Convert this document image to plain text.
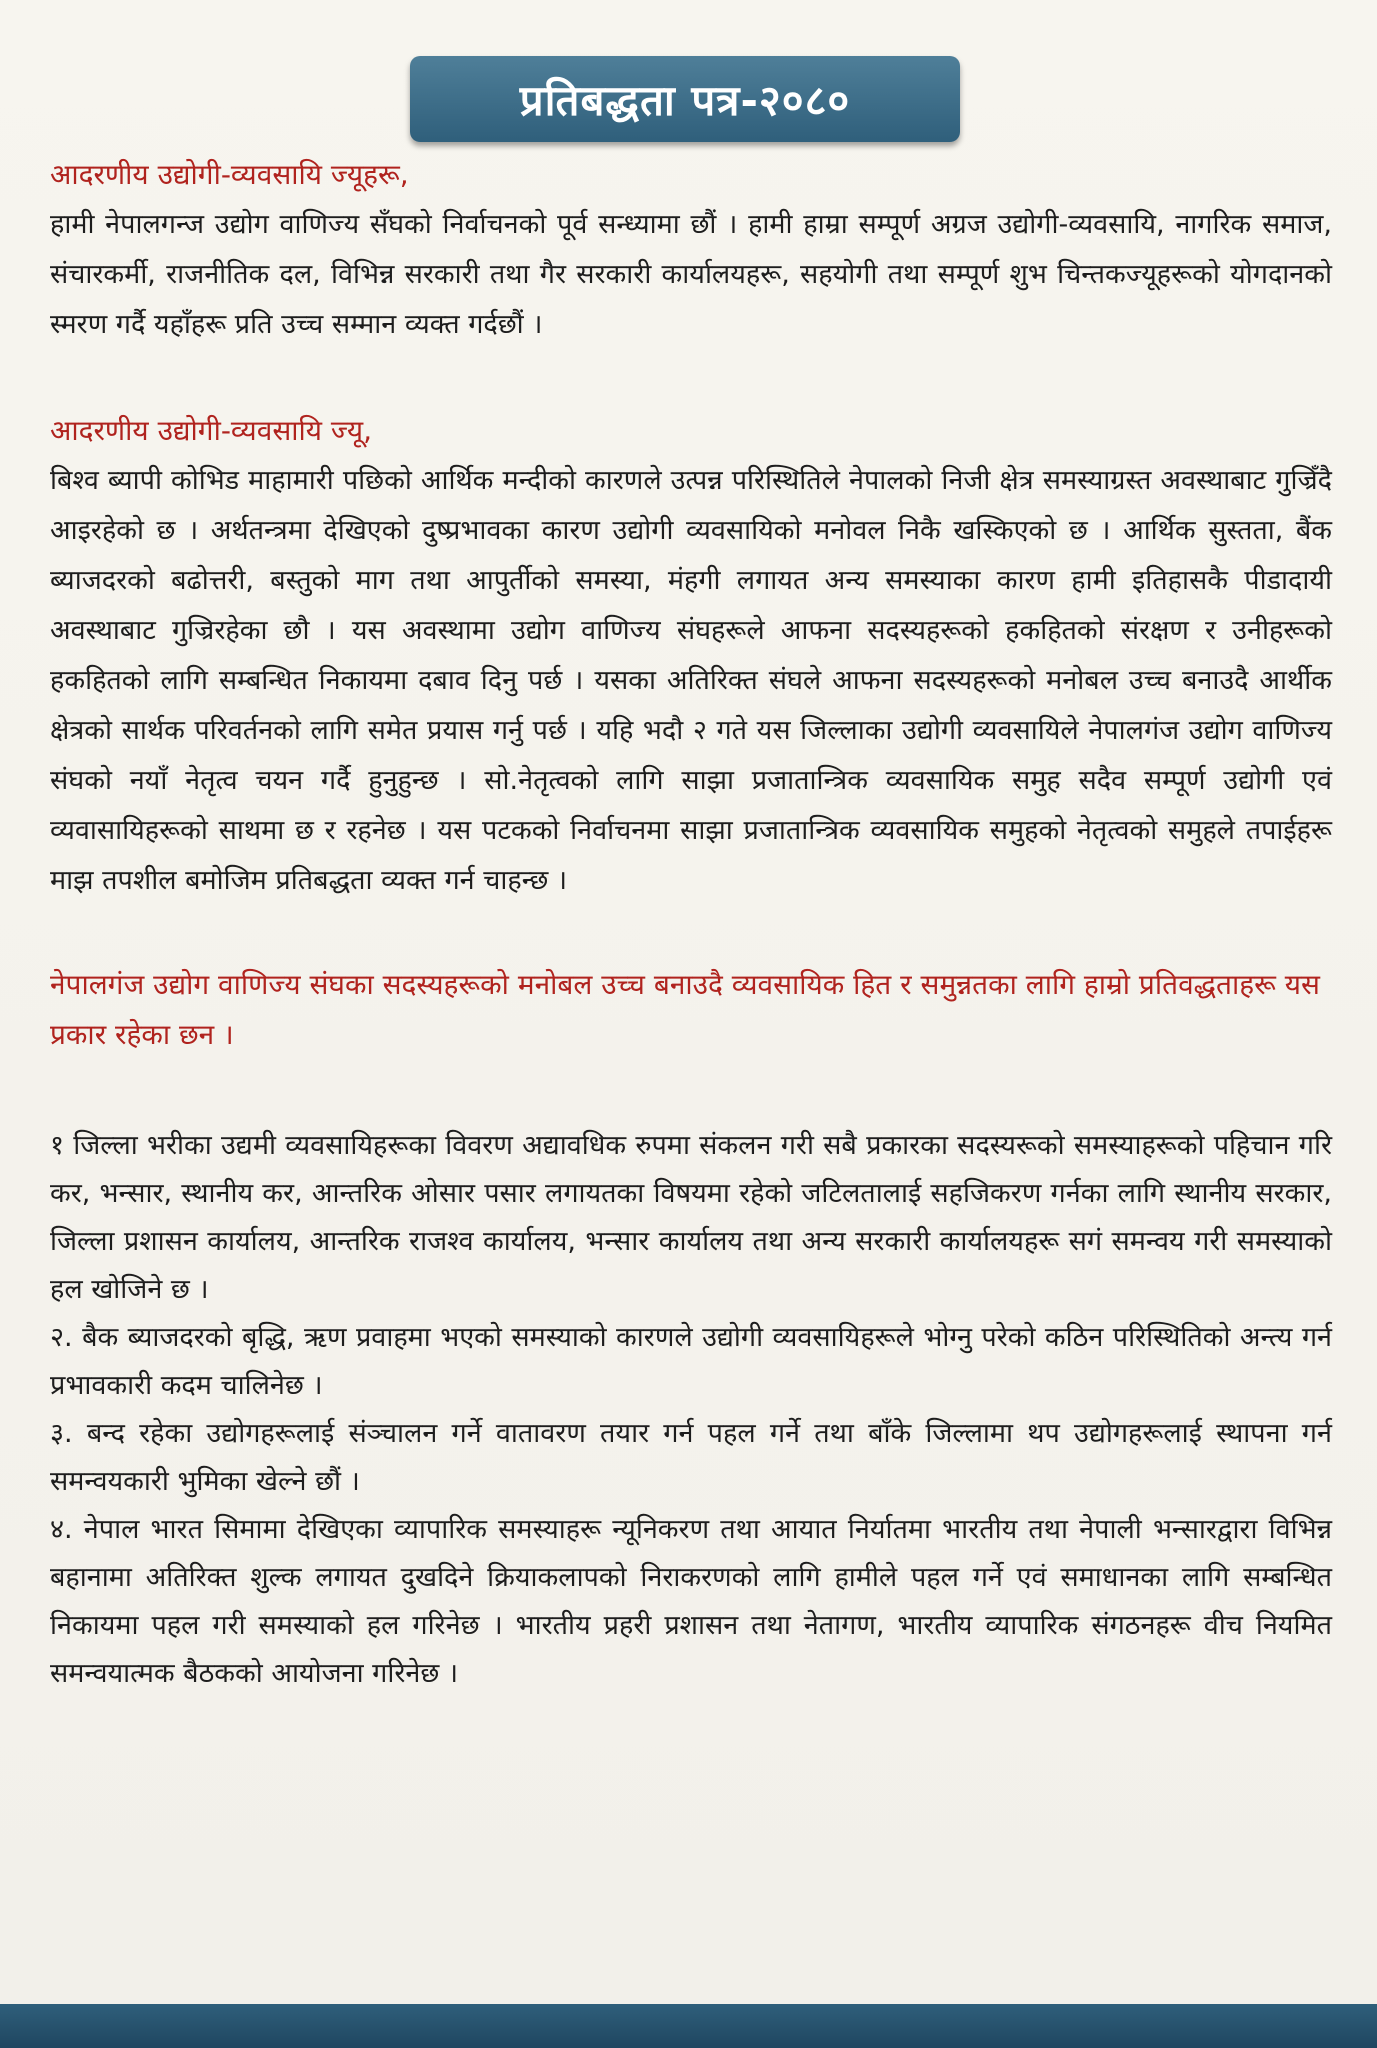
प्रतिबद्धता पत्र-२०८०

आदरणीय उद्योगी-व्यवसायि ज्यूहरू,

हामी नेपालगन्ज उद्योग वाणिज्य सँघको निर्वाचनको पूर्व सन्ध्यामा छौं । हामी हाम्रा सम्पूर्ण अग्रज उद्योगी-व्यवसायि, नागरिक समाज, संचारकर्मी, राजनीतिक दल, विभिन्न सरकारी तथा गैर सरकारी कार्यालयहरू, सहयोगी तथा सम्पूर्ण शुभ चिन्तकज्यूहरूको योगदानको स्मरण गर्दै यहाँहरू प्रति उच्च सम्मान व्यक्त गर्दछौं ।

आदरणीय उद्योगी-व्यवसायि ज्यू,

बिश्व ब्यापी कोभिड माहामारी पछिको आर्थिक मन्दीको कारणले उत्पन्न परिस्थितिले नेपालको निजी क्षेत्र समस्याग्रस्त अवस्थाबाट गुज्रिँदै आइरहेको छ । अर्थतन्त्रमा देखिएको दुष्प्रभावका कारण उद्योगी व्यवसायिको मनोवल निकै खस्किएको छ । आर्थिक सुस्तता, बैंक ब्याजदरको बढोत्तरी, बस्तुको माग तथा आपुर्तीको समस्या, मंहगी लगायत अन्य समस्याका कारण हामी इतिहासकै पीडादायी अवस्थाबाट गुज्रिरहेका छौ । यस अवस्थामा उद्योग वाणिज्य संघहरूले आफना सदस्यहरूको हकहितको संरक्षण र उनीहरूको हकहितको लागि सम्बन्धित निकायमा दबाव दिनु पर्छ । यसका अतिरिक्त संघले आफना सदस्यहरूको मनोबल उच्च बनाउदै आर्थीक क्षेत्रको सार्थक परिवर्तनको लागि समेत प्रयास गर्नु पर्छ । यहि भदौ २ गते यस जिल्लाका उद्योगी व्यवसायिले नेपालगंज उद्योग वाणिज्य संघको नयाँ नेतृत्व चयन गर्दै हुनुहुन्छ । सो.नेतृत्वको लागि साझा प्रजातान्त्रिक व्यवसायिक समुह सदैव सम्पूर्ण उद्योगी एवं व्यवासायिहरूको साथमा छ र रहनेछ । यस पटकको निर्वाचनमा साझा प्रजातान्त्रिक व्यवसायिक समुहको नेतृत्वको समुहले तपाईहरू माझ तपशील बमोजिम प्रतिबद्धता व्यक्त गर्न चाहन्छ ।

नेपालगंज उद्योग वाणिज्य संघका सदस्यहरूको मनोबल उच्च बनाउदै व्यवसायिक हित र समुन्नतका लागि हाम्रो प्रतिवद्धताहरू यस प्रकार रहेका छन ।

१ जिल्ला भरीका उद्यमी व्यवसायिहरूका विवरण अद्यावधिक रुपमा संकलन गरी सबै प्रकारका सदस्यरूको समस्याहरूको पहिचान गरि कर, भन्सार, स्थानीय कर, आन्तरिक ओसार पसार लगायतका विषयमा रहेको जटिलतालाई सहजिकरण गर्नका लागि स्थानीय सरकार, जिल्ला प्रशासन कार्यालय, आन्तरिक राजश्व कार्यालय, भन्सार कार्यालय तथा अन्य सरकारी कार्यालयहरू सगं समन्वय गरी समस्याको हल खोजिने छ ।

२. बैक ब्याजदरको बृद्धि, ऋण प्रवाहमा भएको समस्याको कारणले उद्योगी व्यवसायिहरूले भोग्नु परेको कठिन परिस्थितिको अन्त्य गर्न प्रभावकारी कदम चालिनेछ ।

३. बन्द रहेका उद्योगहरूलाई संञ्चालन गर्ने वातावरण तयार गर्न पहल गर्ने तथा बाँके जिल्लामा थप उद्योगहरूलाई स्थापना गर्न समन्वयकारी भुमिका खेल्ने छौं ।

४. नेपाल भारत सिमामा देखिएका व्यापारिक समस्याहरू न्यूनिकरण तथा आयात निर्यातमा भारतीय तथा नेपाली भन्सारद्वारा विभिन्न बहानामा अतिरिक्त शुल्क लगायत दुखदिने क्रियाकलापको निराकरणको लागि हामीले पहल गर्ने एवं समाधानका लागि सम्बन्धित निकायमा पहल गरी समस्याको हल गरिनेछ । भारतीय प्रहरी प्रशासन तथा नेतागण, भारतीय व्यापारिक संगठनहरू वीच नियमित समन्वयात्मक बैठकको आयोजना गरिनेछ ।
